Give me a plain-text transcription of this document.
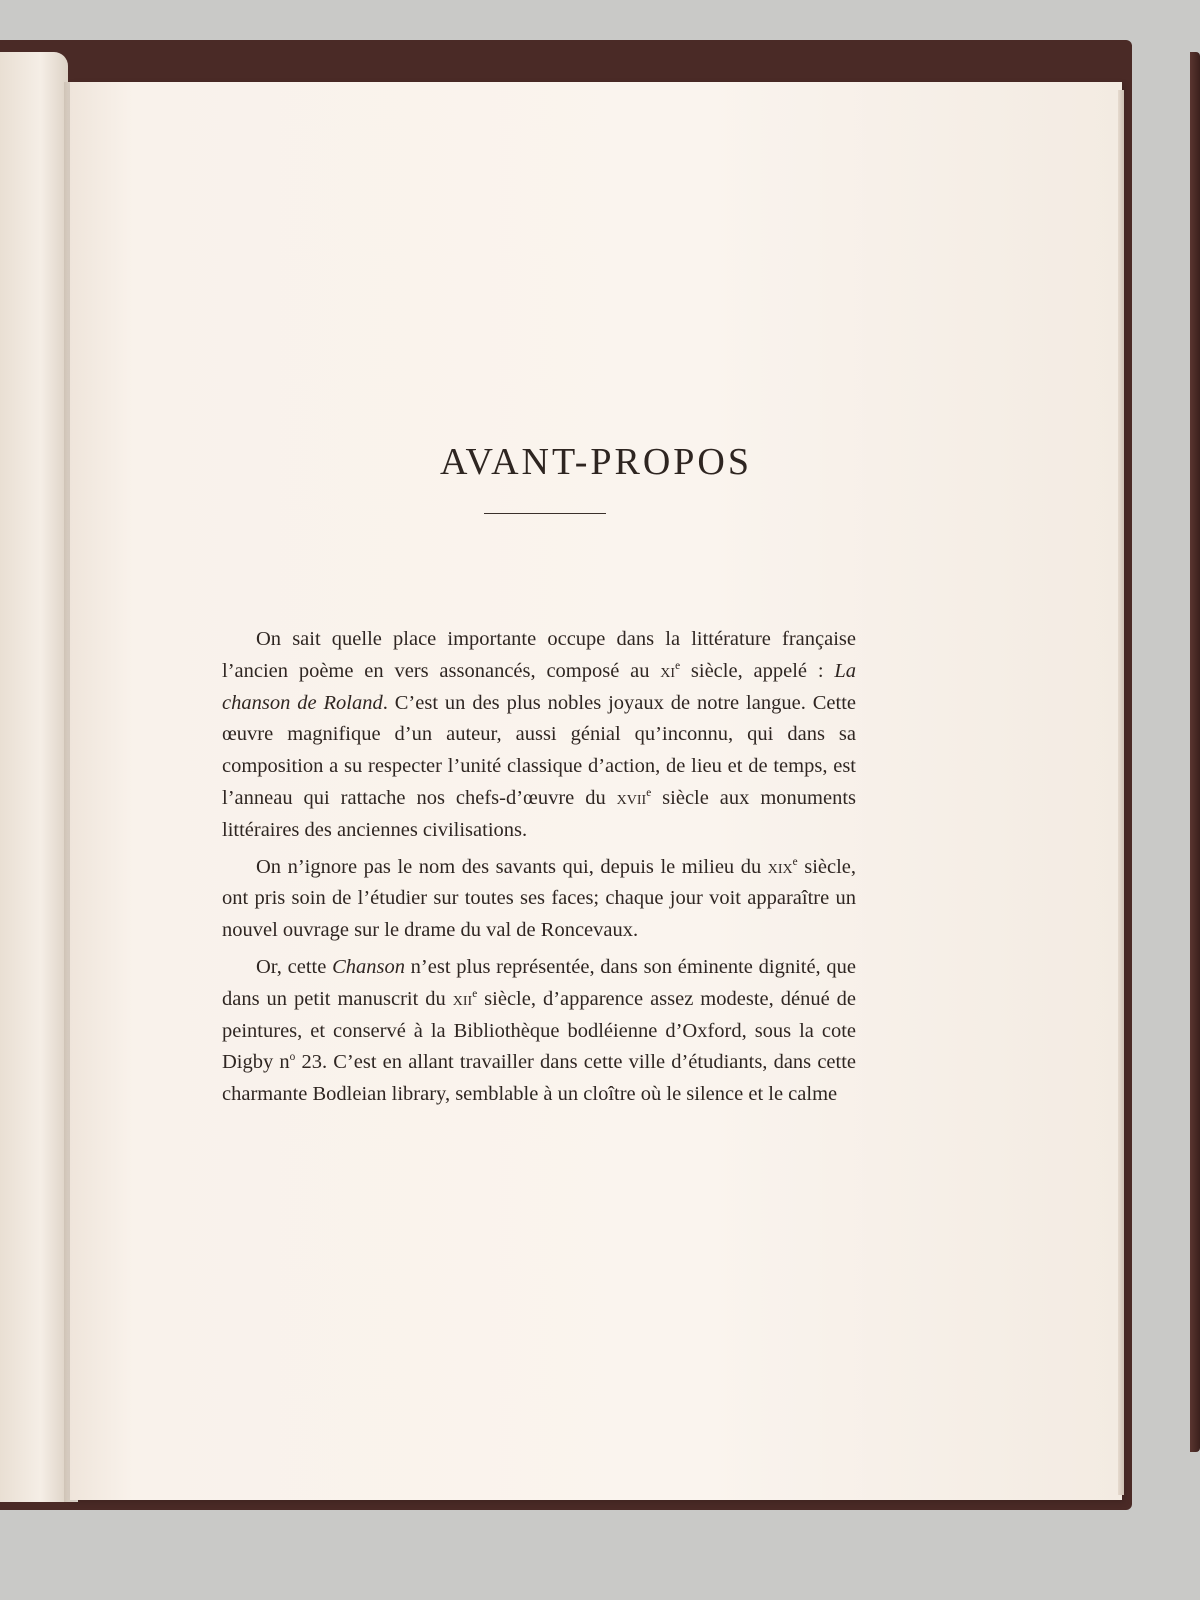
AVANT-PROPOS

On sait quelle place importante occupe dans la littérature française l’ancien poème en vers assonancés, composé au $xi^e$ siècle, appelé : La chanson de Roland. C’est un des plus nobles joyaux de notre langue. Cette œuvre magnifique d’un auteur, aussi génial qu’inconnu, qui dans sa composition a su respecter l’unité classique d’action, de lieu et de temps, est l’anneau qui rattache nos chefs-d’œuvre du xvii$^e$ siècle aux monuments littéraires des anciennes civilisations.

On n’ignore pas le nom des savants qui, depuis le milieu du xix$^e$ siècle, ont pris soin de l’étudier sur toutes ses faces; chaque jour voit apparaître un nouvel ouvrage sur le drame du val de Roncevaux.

Or, cette Chanson n’est plus représentée, dans son éminente dignité, que dans un petit manuscrit du xii$^e$ siècle, d’apparence assez modeste, dénué de peintures, et conservé à la Bibliothèque bodléienne d’Oxford, sous la cote Digby $n^o$ 23. C’est en allant travailler dans cette ville d’étudiants, dans cette charmante Bodleian library, semblable à un cloître où le silence et le calme
